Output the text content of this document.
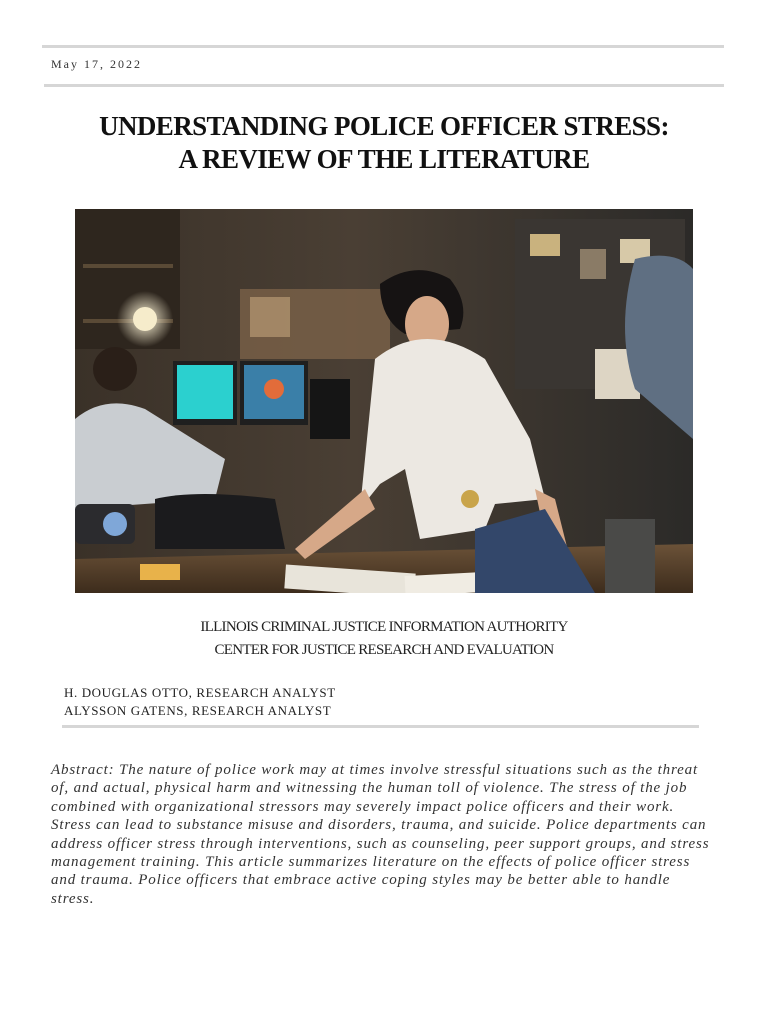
May 17, 2022
UNDERSTANDING POLICE OFFICER STRESS:
A REVIEW OF THE LITERATURE
ILLINOIS CRIMINAL JUSTICE INFORMATION AUTHORITY
CENTER FOR JUSTICE RESEARCH AND EVALUATION
H. DOUGLAS OTTO, RESEARCH ANALYST
ALYSSON GATENS, RESEARCH ANALYST
Abstract: The nature of police work may at times involve stressful situations such as the threat of, and actual, physical harm and witnessing the human toll of violence. The stress of the job combined with organizational stressors may severely impact police officers and their work. Stress can lead to substance misuse and disorders, trauma, and suicide. Police departments can address officer stress through interventions, such as counseling, peer support groups, and stress management training. This article summarizes literature on the effects of police officer stress and trauma. Police officers that embrace active coping styles may be better able to handle stress.
